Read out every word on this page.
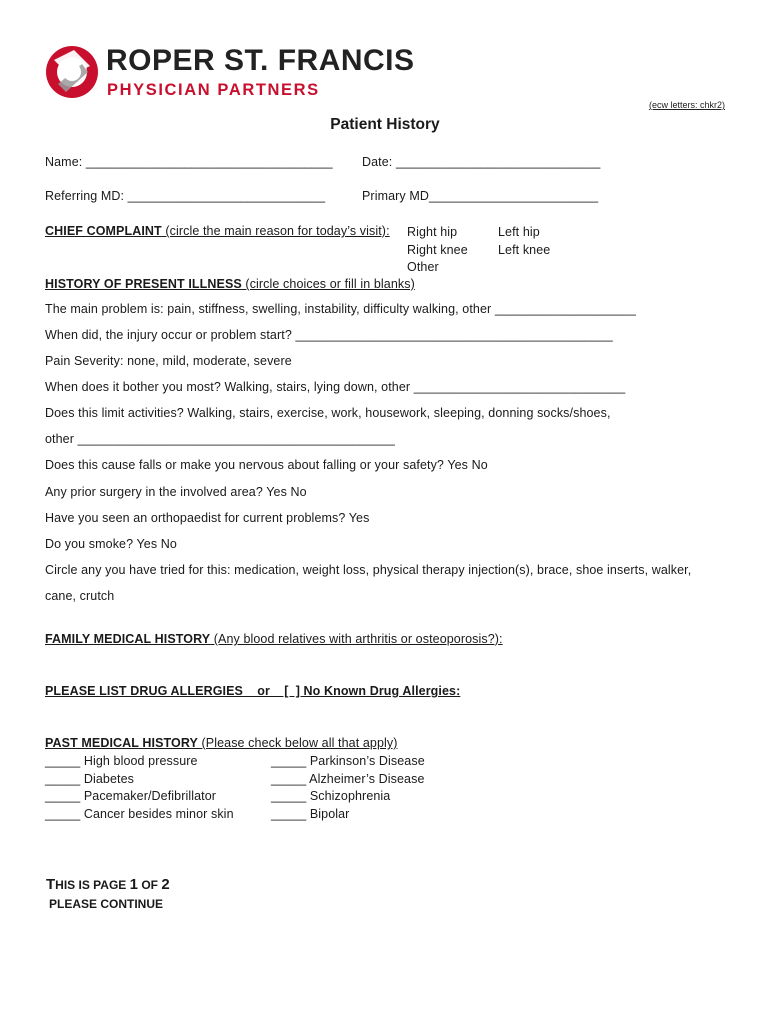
ROPER ST. FRANCIS
PHYSICIAN PARTNERS
(ecw letters: chkr2)
Patient History
Name: ___________________________________ Date: _____________________________
Referring MD: ____________________________	Primary MD________________________
CHIEF COMPLAINT (circle the main reason for today’s visit): Right hip
Right knee
Other
Left hip
Left knee
HISTORY OF PRESENT ILLNESS (circle choices or fill in blanks)
The main problem is: pain, stiffness, swelling, instability, difficulty walking, other ____________________
When did, the injury occur or problem start? _____________________________________________
Pain Severity: none, mild, moderate, severe
When does it bother you most? Walking, stairs, lying down, other ______________________________
Does this limit activities? Walking, stairs, exercise, work, housework, sleeping, donning socks/shoes,
other _____________________________________________
Does this cause falls or make you nervous about falling or your safety? Yes No
Any prior surgery in the involved area? Yes No
Have you seen an orthopaedist for current problems? Yes
Do you smoke? Yes No
Circle any you have tried for this: medication, weight loss, physical therapy injection(s), brace, shoe inserts, walker,
cane, crutch
FAMILY MEDICAL HISTORY (Any blood relatives with arthritis or osteoporosis?):
PLEASE LIST DRUG ALLERGIES    or    [  ] No Known Drug Allergies:
PAST MEDICAL HISTORY (Please check below all that apply)
_____ High blood pressure
_____ Diabetes
_____ Pacemaker/Defibrillator
_____ Cancer besides minor skin
_____ Parkinson’s Disease
_____ Alzheimer’s Disease
_____ Schizophrenia
_____ Bipolar
THIS IS PAGE 1 OF 2
PLEASE CONTINUE
